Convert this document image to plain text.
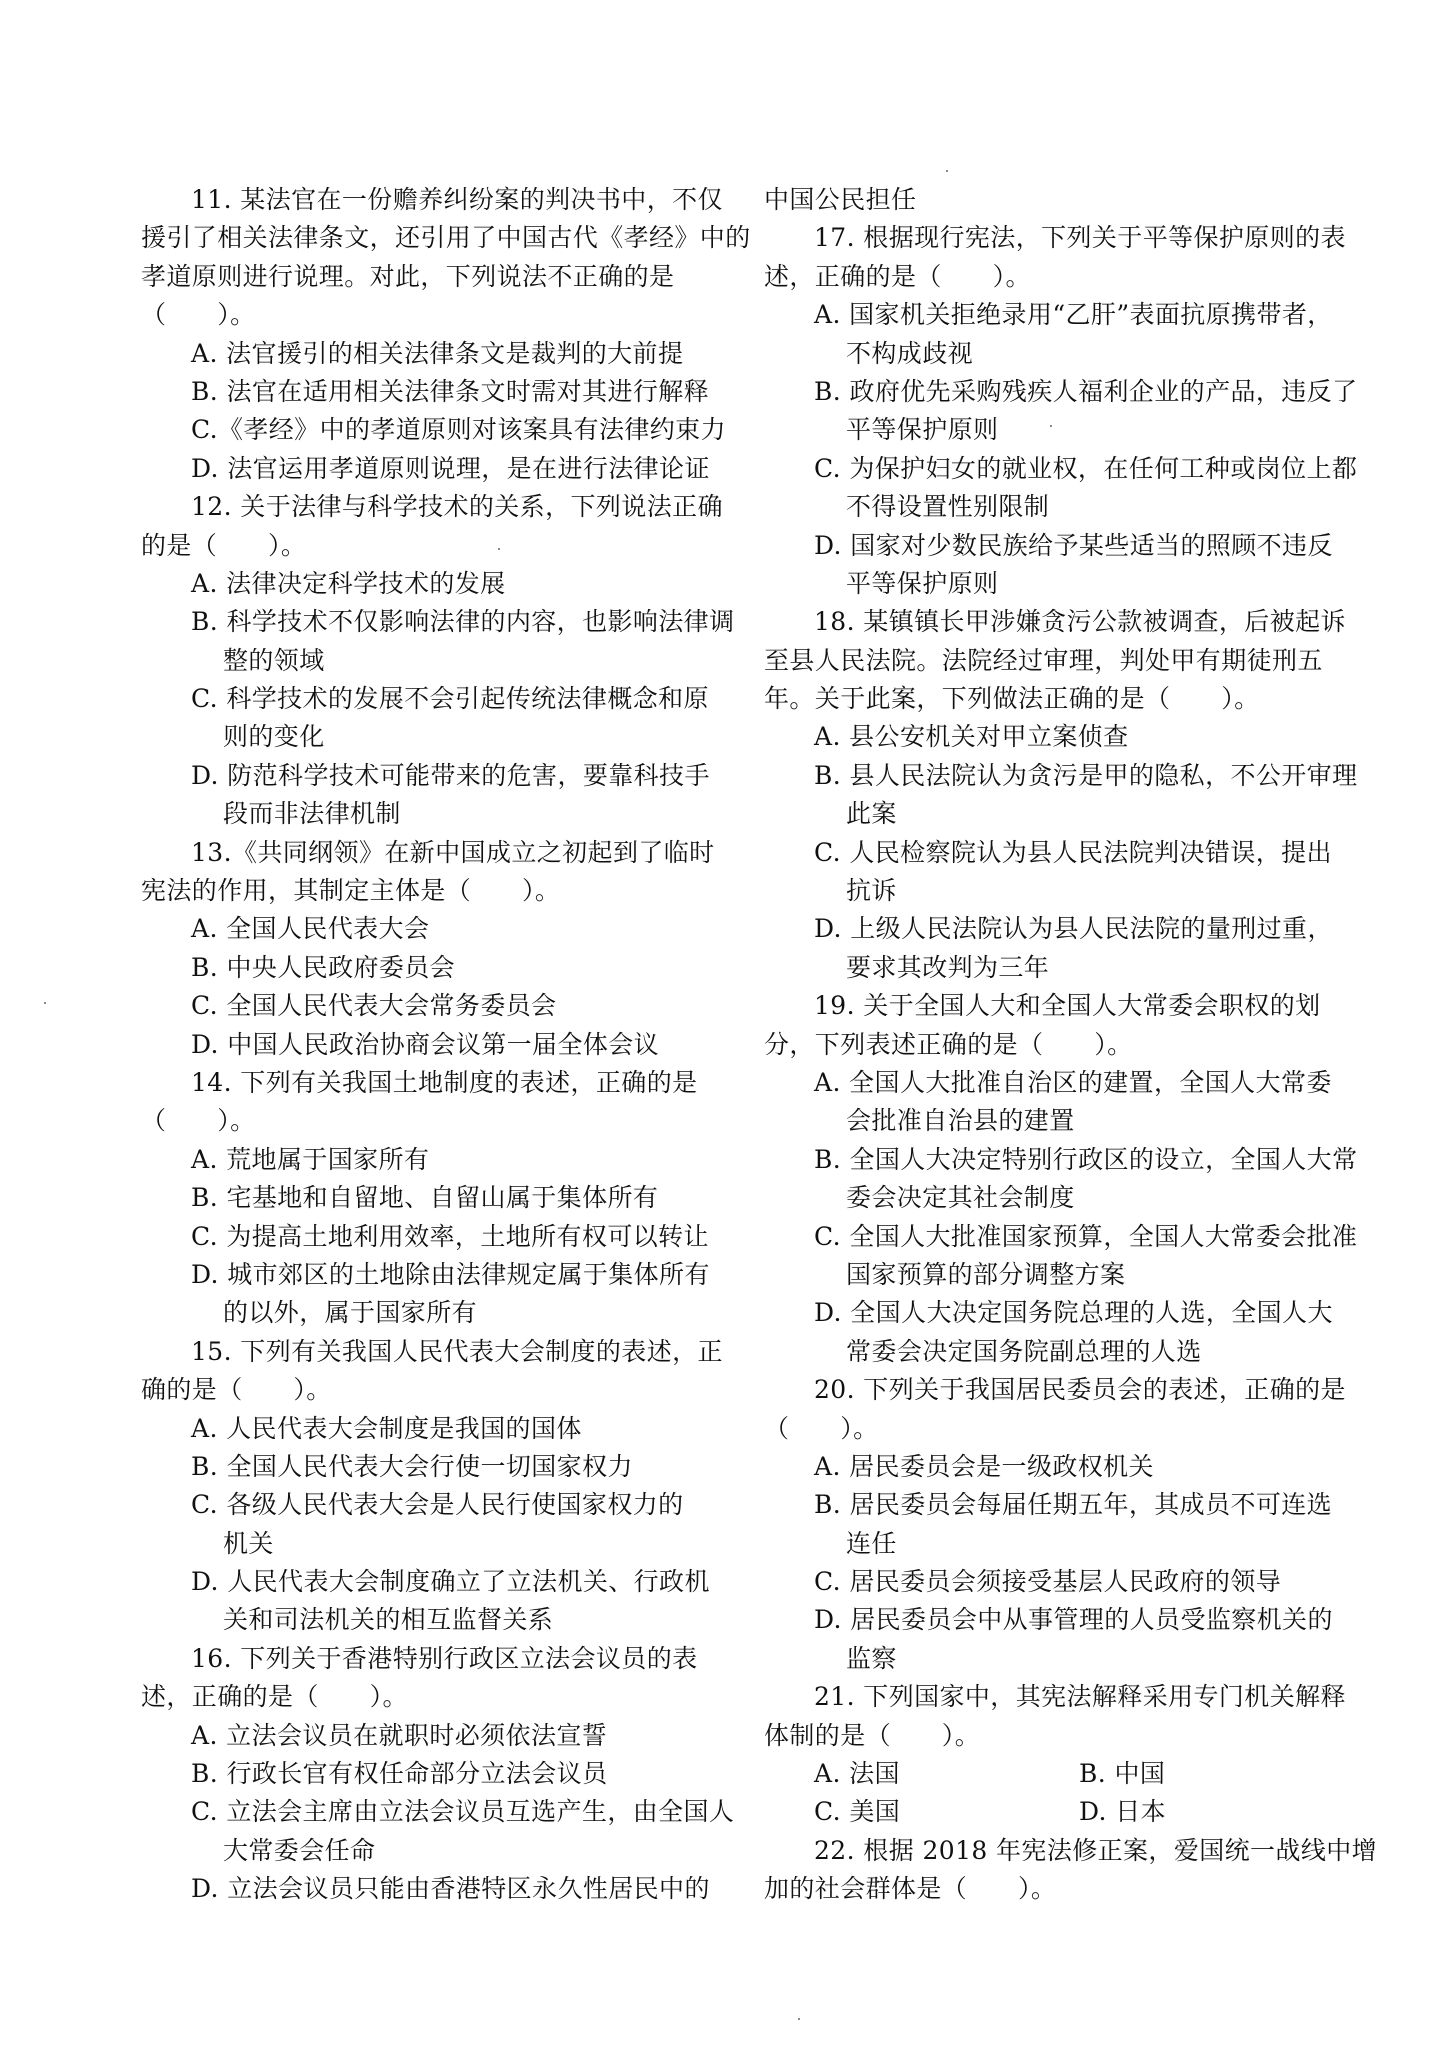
11. 某法官在一份赡养纠纷案的判决书中，不仅
援引了相关法律条文，还引用了中国古代《孝经》中的
孝道原则进行说理。对此，下列说法不正确的是
（　　）。
A. 法官援引的相关法律条文是裁判的大前提
B. 法官在适用相关法律条文时需对其进行解释
C.《孝经》中的孝道原则对该案具有法律约束力
D. 法官运用孝道原则说理，是在进行法律论证
12. 关于法律与科学技术的关系，下列说法正确
的是（　　）。
A. 法律决定科学技术的发展
B. 科学技术不仅影响法律的内容，也影响法律调
整的领域
C. 科学技术的发展不会引起传统法律概念和原
则的变化
D. 防范科学技术可能带来的危害，要靠科技手
段而非法律机制
13.《共同纲领》在新中国成立之初起到了临时
宪法的作用，其制定主体是（　　）。
A. 全国人民代表大会
B. 中央人民政府委员会
C. 全国人民代表大会常务委员会
D. 中国人民政治协商会议第一届全体会议
14. 下列有关我国土地制度的表述，正确的是
（　　）。
A. 荒地属于国家所有
B. 宅基地和自留地、自留山属于集体所有
C. 为提高土地利用效率，土地所有权可以转让
D. 城市郊区的土地除由法律规定属于集体所有
的以外，属于国家所有
15. 下列有关我国人民代表大会制度的表述，正
确的是（　　）。
A. 人民代表大会制度是我国的国体
B. 全国人民代表大会行使一切国家权力
C. 各级人民代表大会是人民行使国家权力的
机关
D. 人民代表大会制度确立了立法机关、行政机
关和司法机关的相互监督关系
16. 下列关于香港特别行政区立法会议员的表
述，正确的是（　　）。
A. 立法会议员在就职时必须依法宣誓
B. 行政长官有权任命部分立法会议员
C. 立法会主席由立法会议员互选产生，由全国人
大常委会任命
D. 立法会议员只能由香港特区永久性居民中的
中国公民担任
17. 根据现行宪法，下列关于平等保护原则的表
述，正确的是（　　）。
A. 国家机关拒绝录用“乙肝”表面抗原携带者，
不构成歧视
B. 政府优先采购残疾人福利企业的产品，违反了
平等保护原则
C. 为保护妇女的就业权，在任何工种或岗位上都
不得设置性别限制
D. 国家对少数民族给予某些适当的照顾不违反
平等保护原则
18. 某镇镇长甲涉嫌贪污公款被调查，后被起诉
至县人民法院。法院经过审理，判处甲有期徒刑五
年。关于此案，下列做法正确的是（　　）。
A. 县公安机关对甲立案侦查
B. 县人民法院认为贪污是甲的隐私，不公开审理
此案
C. 人民检察院认为县人民法院判决错误，提出
抗诉
D. 上级人民法院认为县人民法院的量刑过重，
要求其改判为三年
19. 关于全国人大和全国人大常委会职权的划
分，下列表述正确的是（　　）。
A. 全国人大批准自治区的建置，全国人大常委
会批准自治县的建置
B. 全国人大决定特别行政区的设立，全国人大常
委会决定其社会制度
C. 全国人大批准国家预算，全国人大常委会批准
国家预算的部分调整方案
D. 全国人大决定国务院总理的人选，全国人大
常委会决定国务院副总理的人选
20. 下列关于我国居民委员会的表述，正确的是
（　　）。
A. 居民委员会是一级政权机关
B. 居民委员会每届任期五年，其成员不可连选
连任
C. 居民委员会须接受基层人民政府的领导
D. 居民委员会中从事管理的人员受监察机关的
监察
21. 下列国家中，其宪法解释采用专门机关解释
体制的是（　　）。
A. 法国	B. 中国
C. 美国	D. 日本
22. 根据 2018 年宪法修正案，爱国统一战线中增
加的社会群体是（　　）。
